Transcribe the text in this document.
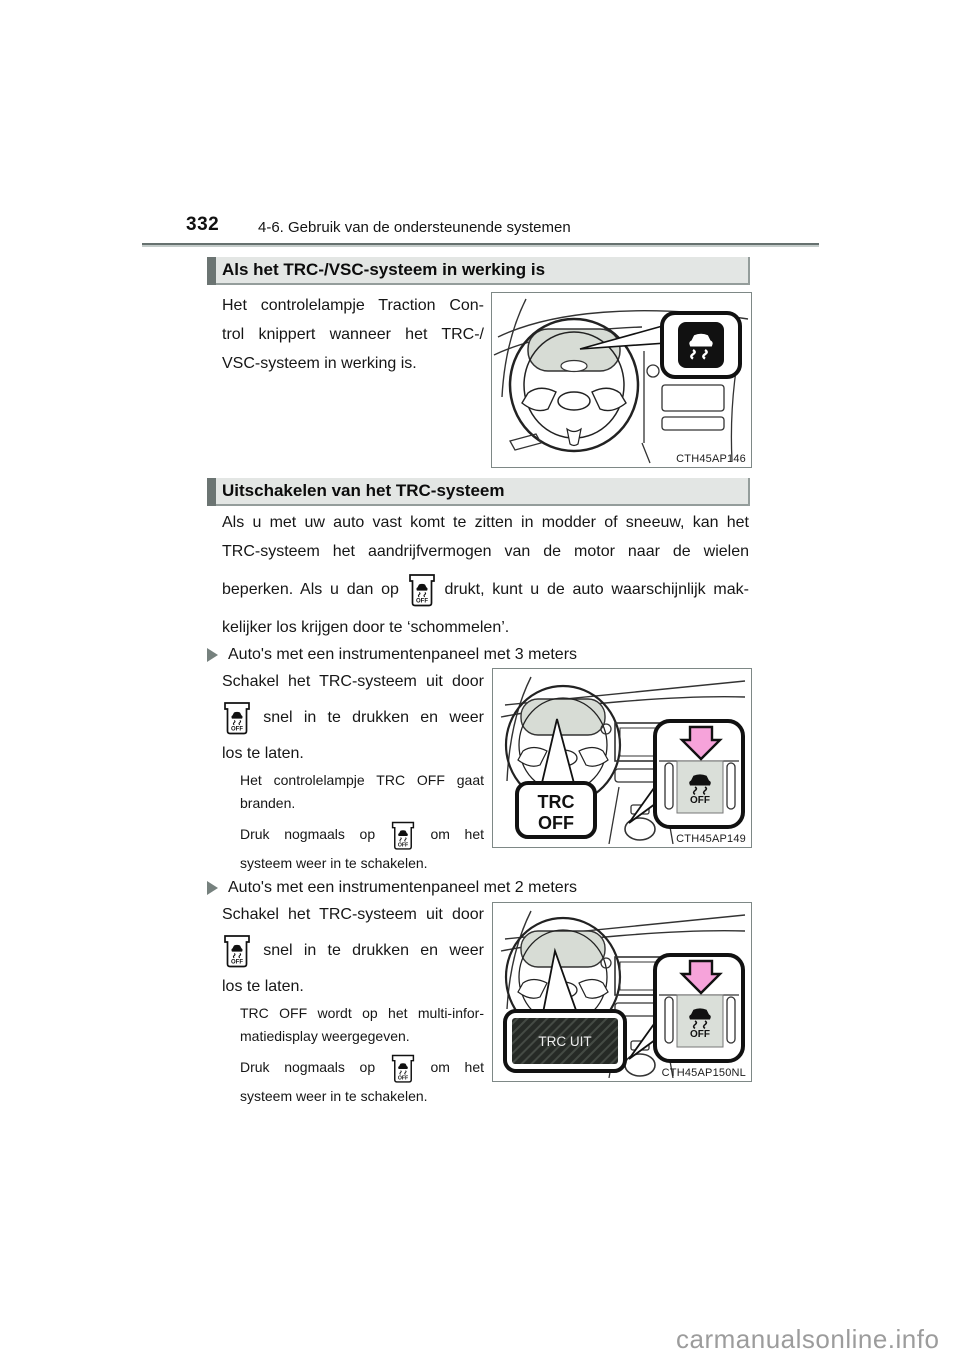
332	4-6. Gebruik van de ondersteunende systemen
Als het TRC-/VSC-systeem in werking is
Het controlelampje Traction Con-
trol knippert wanneer het TRC-/
VSC-systeem in werking is.
CTH45AP146
Uitschakelen van het TRC-systeem
Als u met uw auto vast komt te zitten in modder of sneeuw, kan het
TRC-systeem het aandrijfvermogen van de motor naar de wielen
beperken. Als u dan op
OFF
drukt, kunt u de auto waarschijnlijk mak-
kelijker los krijgen door te ‘schommelen’.
Auto's met een instrumentenpaneel met 3 meters
Schakel het TRC-systeem uit door
OFF
snel in te drukken en weer
los te laten.
Het controlelampje TRC OFF gaat
branden.
Druk nogmaals op
OFF
om het
systeem weer in te schakelen.
TRC
OFF
OFF
CTH45AP149
Auto's met een instrumentenpaneel met 2 meters
Schakel het TRC-systeem uit door
OFF
snel in te drukken en weer
los te laten.
TRC OFF wordt op het multi-infor-
matiedisplay weergegeven.
Druk nogmaals op
OFF
om het
systeem weer in te schakelen.
TRC UIT	OFF
CTH45AP150NL
carmanualsonline.info
